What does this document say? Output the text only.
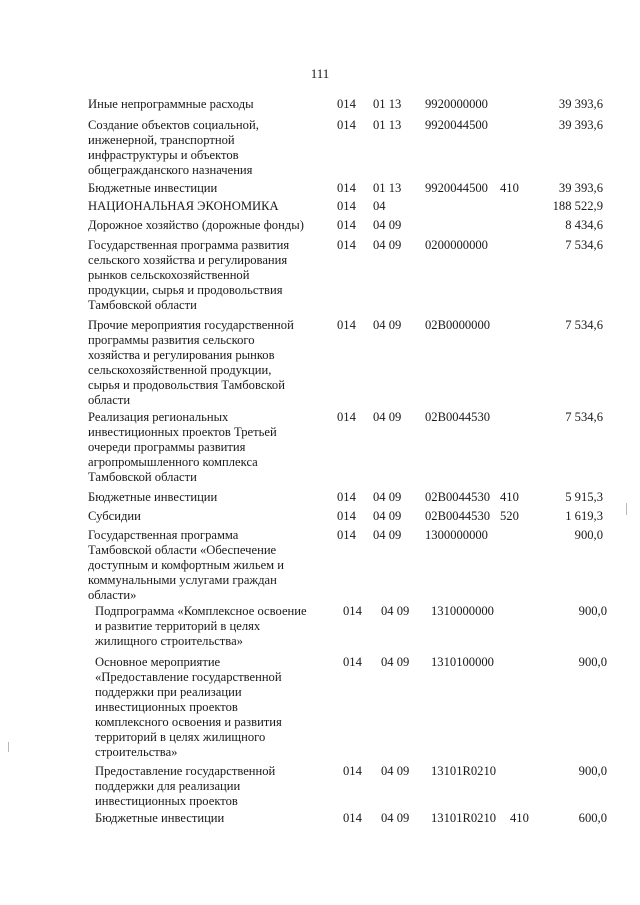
111
Иные непрограммные расходы	014 01 13 9920000000	39 393,6
Создание объектов социальной,
инженерной, транспортной
инфраструктуры и объектов
общегражданского назначения
014 01 13 9920044500	39 393,6
Бюджетные инвестиции	014 01 13 9920044500 410	39 393,6
НАЦИОНАЛЬНАЯ ЭКОНОМИКА	014 04	188 522,9
Дорожное хозяйство (дорожные фонды)	014 04 09	8 434,6
Государственная программа развития
сельского хозяйства и регулирования
рынков сельскохозяйственной
продукции, сырья и продовольствия
Тамбовской области
014 04 09 0200000000	7 534,6
Прочие мероприятия государственной
программы развития сельского
хозяйства и регулирования рынков
сельскохозяйственной продукции,
сырья и продовольствия Тамбовской
области
014 04 09 02В0000000	7 534,6
Реализация региональных
инвестиционных проектов Третьей
очереди программы развития
агропромышленного комплекса
Тамбовской области
014 04 09 02В0044530	7 534,6
Бюджетные инвестиции	014 04 09 02В0044530 410	5 915,3
Субсидии	014 04 09 02В0044530 520	1 619,3
Государственная программа
Тамбовской области «Обеспечение
доступным и комфортным жильем и
коммунальными услугами граждан
области»
014 04 09 1300000000	900,0
Подпрограмма «Комплексное освоение
и развитие территорий в целях
жилищного строительства»
014 04 09 1310000000	900,0
Основное мероприятие
«Предоставление государственной
поддержки при реализации
инвестиционных проектов
комплексного освоения и развития
территорий в целях жилищного
строительства»
014 04 09 1310100000	900,0
Предоставление государственной
поддержки для реализации
инвестиционных проектов
014 04 09 13101R0210	900,0
Бюджетные инвестиции	014 04 09 13101R0210 410	600,0
